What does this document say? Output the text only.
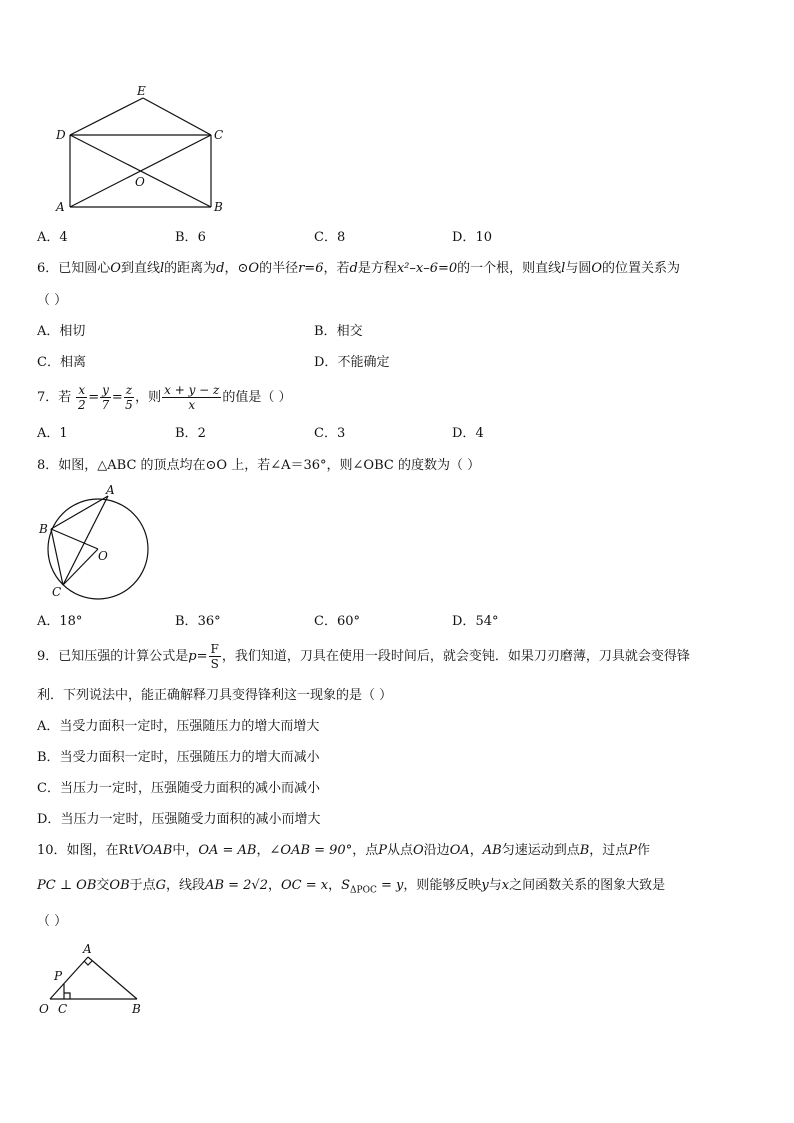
E
D	C
O
A	B
A．4	B．6	C．8	D．10
6．已知圆心O到直线l的距离为d，⊙O的半径r=6，若d是方程x²–x–6=0的一个根，则直线l与圆O的位置关系为
（ ）
A．相切	B．相交
C．相离	D．不能确定
7．若 $\frac{x}{2} = \frac{y}{7} = \frac{z}{5}$ ，则 $\frac{x + y - z}{x}$ 的值是（ ）
A．1	B．2	C．3	D．4
8．如图，△ABC 的顶点均在⊙O 上，若∠A＝36°，则∠OBC 的度数为（ ）
A
B
O
C
A．18°	B．36°	C．60°	D．54°
9．已知压强的计算公式是$p= \frac{F}{S}$ ，我们知道，刀具在使用一段时间后，就会变钝．如果刀刃磨薄，刀具就会变得锋
利．下列说法中，能正确解释刀具变得锋利这一现象的是（ ）
A．当受力面积一定时，压强随压力的增大而增大
B．当受力面积一定时，压强随压力的增大而减小
C．当压力一定时，压强随受力面积的减小而减小
D．当压力一定时，压强随受力面积的减小而增大
10．如图，在RtVOAB中，OA = AB，∠OAB = 90°，点P从点O沿边OA，AB匀速运动到点B，过点P作
PC ⊥ OB交OB于点G，线段AB = 2√2，OC = x，$S_{\Delta POC} = y$，则能够反映y与x之间函数关系的图象大致是
（ ）
A
P
O C	B
